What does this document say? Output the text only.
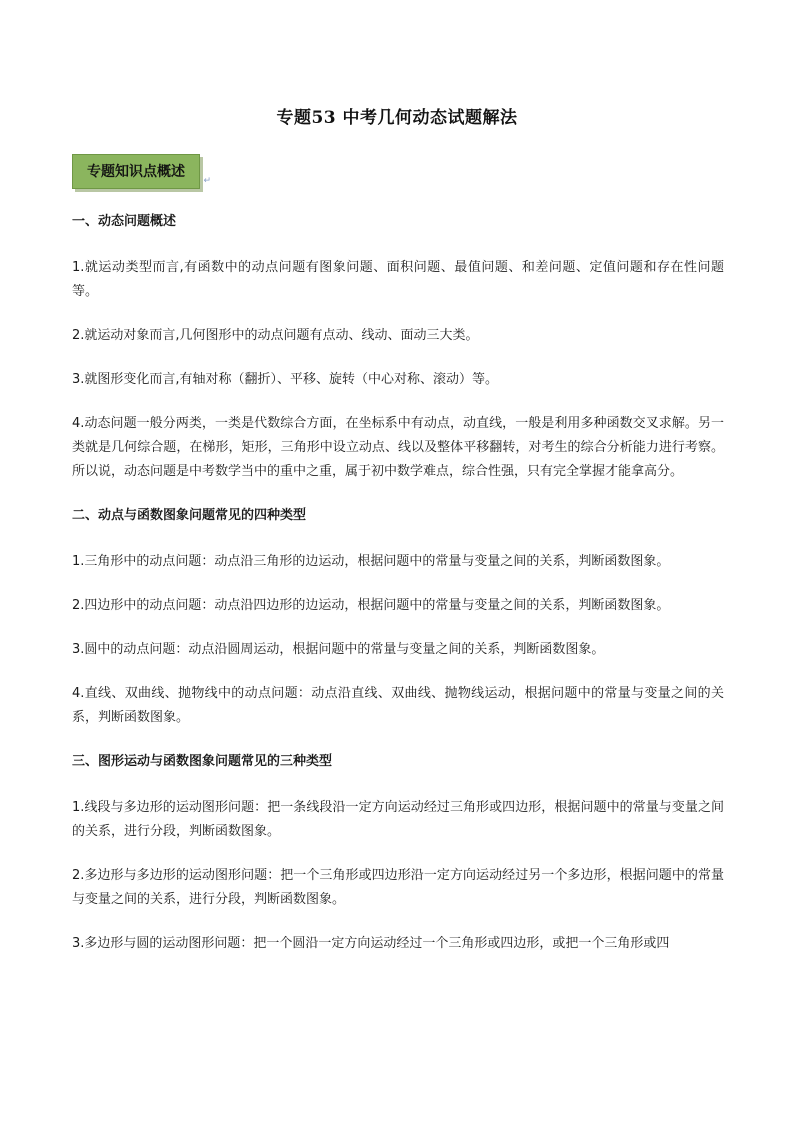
专题53 中考几何动态试题解法
专题知识点概述
↵
一、动态问题概述

1.就运动类型而言,有函数中的动点问题有图象问题、面积问题、最值问题、和差问题、定值问题和存在性问题等。

2.就运动对象而言,几何图形中的动点问题有点动、线动、面动三大类。

3.就图形变化而言,有轴对称（翻折）、平移、旋转（中心对称、滚动）等。

4.动态问题一般分两类，一类是代数综合方面，在坐标系中有动点，动直线，一般是利用多种函数交叉求解。另一类就是几何综合题，在梯形，矩形，三角形中设立动点、线以及整体平移翻转，对考生的综合分析能力进行考察。所以说，动态问题是中考数学当中的重中之重，属于初中数学难点，综合性强，只有完全掌握才能拿高分。

二、动点与函数图象问题常见的四种类型

1.三角形中的动点问题：动点沿三角形的边运动，根据问题中的常量与变量之间的关系，判断函数图象。

2.四边形中的动点问题：动点沿四边形的边运动，根据问题中的常量与变量之间的关系，判断函数图象。

3.圆中的动点问题：动点沿圆周运动，根据问题中的常量与变量之间的关系，判断函数图象。

4.直线、双曲线、抛物线中的动点问题：动点沿直线、双曲线、抛物线运动，根据问题中的常量与变量之间的关系，判断函数图象。

三、图形运动与函数图象问题常见的三种类型

1.线段与多边形的运动图形问题：把一条线段沿一定方向运动经过三角形或四边形，根据问题中的常量与变量之间的关系，进行分段，判断函数图象。

2.多边形与多边形的运动图形问题：把一个三角形或四边形沿一定方向运动经过另一个多边形，根据问题中的常量与变量之间的关系，进行分段，判断函数图象。

3.多边形与圆的运动图形问题：把一个圆沿一定方向运动经过一个三角形或四边形，或把一个三角形或四
